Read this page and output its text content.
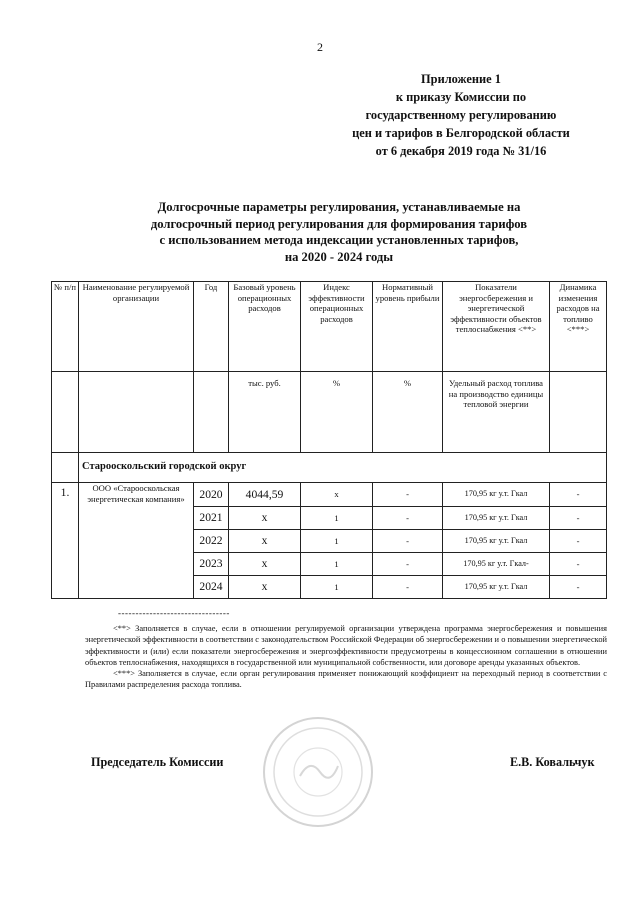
2
Приложение 1
к приказу Комиссии по
государственному регулированию
цен и тарифов в Белгородской области
от 6 декабря 2019 года № 31/16
Долгосрочные параметры регулирования, устанавливаемые на
долгосрочный период регулирования для формирования тарифов
с использованием метода индексации установленных тарифов,
на 2020 - 2024 годы
№ п/п	Наименование регулируемой организации	Год	Базовый уровень операционных расходов	Индекс эффективности операционных расходов	Нормативный уровень прибыли	Показатели энергосбережения и энергетической эффективности объектов теплоснабжения <**>	Динамика изменения расходов на топливо <***>
			тыс. руб.	%	%	Удельный расход топлива на производство единицы тепловой энергии	
	Старооскольский городской округ						
1.	ООО «Старооскольская энергетическая компания»	2020	4044,59	х	-	170,95 кг у.т. Гкал	-
		2021	х	1	-	170,95 кг у.т. Гкал	-
		2022	х	1	-	170,95 кг у.т. Гкал	-
		2023	х	1	-	170,95 кг у.т. Гкал-	-
		2024	х	1	-	170,95 кг у.т. Гкал	-
--------------------------------

<**> Заполняется в случае, если в отношении регулируемой организации утверждена программа энергосбережения и повышения энергетической эффективности в соответствии с законодательством Российской Федерации об энергосбережении и о повышении энергетической эффективности и (или) если показатели энергосбережения и энергоэффективности предусмотрены в концессионном соглашении в отношении объектов теплоснабжения, находящихся в государственной или муниципальной собственности, или договоре аренды указанных объектов.

<***> Заполняется в случае, если орган регулирования применяет понижающий коэффициент на переходный период в соответствии с Правилами распределения расхода топлива.

Председатель Комиссии	Е.В. Ковальчук
